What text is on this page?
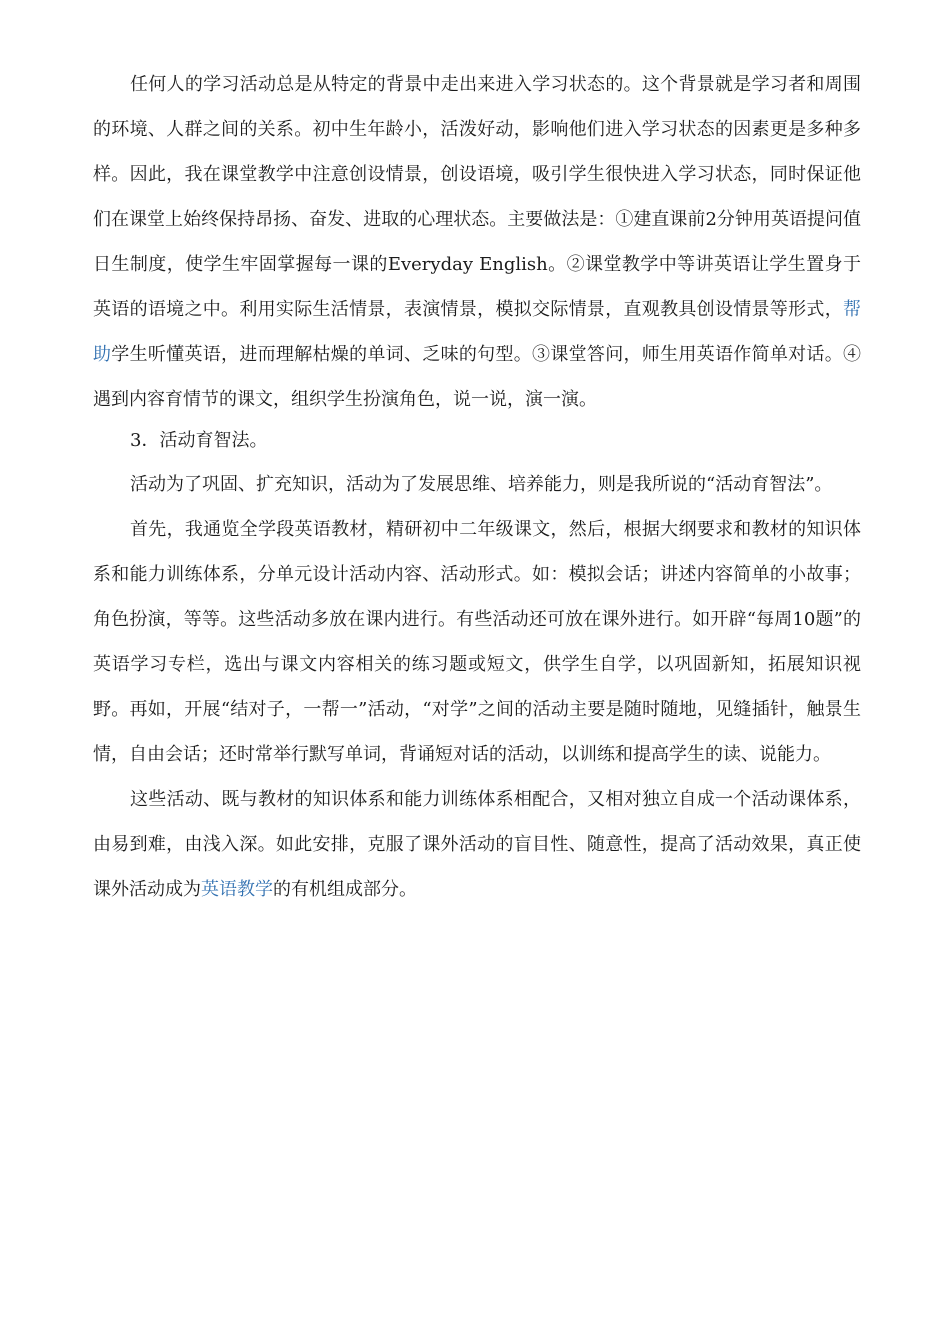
任何人的学习活动总是从特定的背景中走出来进入学习状态的。这个背景就是学习者和周围的环境、人群之间的关系。初中生年龄小，活泼好动，影响他们进入学习状态的因素更是多种多样。因此，我在课堂教学中注意创设情景，创设语境，吸引学生很快进入学习状态，同时保证他们在课堂上始终保持昂扬、奋发、进取的心理状态。主要做法是：①建直课前2分钟用英语提问值日生制度，使学生牢固掌握每一课的Everyday English。②课堂教学中等讲英语让学生置身于英语的语境之中。利用实际生活情景，表演情景，模拟交际情景，直观教具创设情景等形式，帮助学生听懂英语，进而理解枯燥的单词、乏味的句型。③课堂答问，师生用英语作简单对话。④遇到内容育情节的课文，组织学生扮演角色，说一说，演一演。

3．活动育智法。

活动为了巩固、扩充知识，活动为了发展思维、培养能力，则是我所说的“活动育智法”。

首先，我通览全学段英语教材，精研初中二年级课文，然后，根据大纲要求和教材的知识体系和能力训练体系，分单元设计活动内容、活动形式。如：模拟会话；讲述内容简单的小故事；角色扮演，等等。这些活动多放在课内进行。有些活动还可放在课外进行。如开辟“每周10题”的英语学习专栏，选出与课文内容相关的练习题或短文，供学生自学，以巩固新知，拓展知识视野。再如，开展“结对子，一帮一”活动，“对学”之间的活动主要是随时随地，见缝插针，触景生情，自由会话；还时常举行默写单词，背诵短对话的活动，以训练和提高学生的读、说能力。

这些活动、既与教材的知识体系和能力训练体系相配合，又相对独立自成一个活动课体系，由易到难，由浅入深。如此安排，克服了课外活动的盲目性、随意性，提高了活动效果，真正使课外活动成为英语教学的有机组成部分。
